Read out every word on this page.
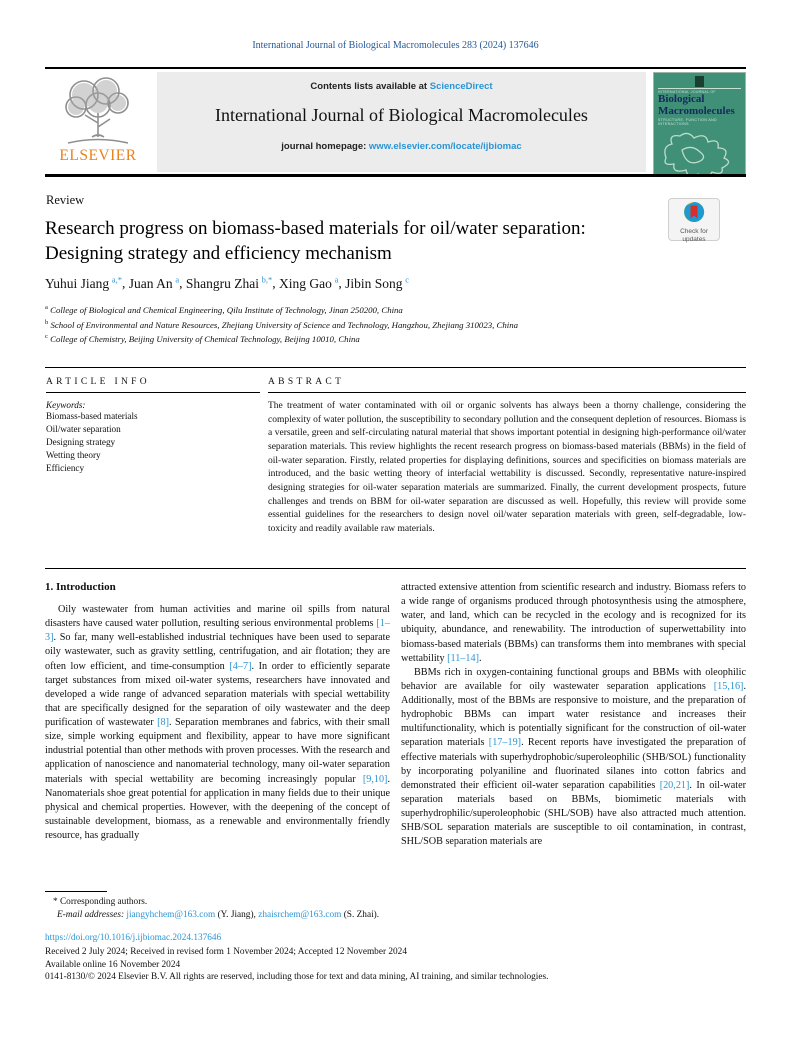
International Journal of Biological Macromolecules 283 (2024) 137646
ELSEVIER
Contents lists available at ScienceDirect
International Journal of Biological Macromolecules
journal homepage: www.elsevier.com/locate/ijbiomac
INTERNATIONAL JOURNAL OF
Biological
Macromolecules
STRUCTURE, FUNCTION AND INTERACTIONS
Review
Research progress on biomass-based materials for oil/water separation: Designing strategy and efficiency mechanism
Check for
updates
Yuhui Jiang  $^{a,*}$, Juan An  $^a$, Shangru Zhai  $^{b,*}$, Xing Gao  $^a$, Jibin Song  $^c$
$^a$ College of Biological and Chemical Engineering, Qilu Institute of Technology, Jinan 250200, China
$^b$ School of Environmental and Nature Resources, Zhejiang University of Science and Technology, Hangzhou, Zhejiang 310023, China
$^c$ College of Chemistry, Beijing University of Chemical Technology, Beijing 10010, China
ARTICLE INFO
Keywords:
Biomass-based materials
Oil/water separation
Designing strategy
Wetting theory
Efficiency
ABSTRACT
The treatment of water contaminated with oil or organic solvents has always been a thorny challenge, considering the complexity of water pollution, the susceptibility to secondary pollution and the consequent depletion of resources. Biomass is a versatile, green and self-circulating natural material that shows important potential in designing high-performance oil/water separation materials. This review highlights the recent research progress on biomass-based materials (BBMs) in the field of oil-water separation. Firstly, related properties for displaying definitions, sources and specificities on biomass materials are introduced, and the basic wetting theory of interfacial wettability is discussed. Secondly, representative nature-inspired designing strategies for oil-water separation materials are summarized. Finally, the current development prospects, future challenges and trends on BBM for oil-water separation are discussed as well. Hopefully, this review will provide some essential guidelines for the researchers to design novel oil/water separation materials with green, self-degradable, low-toxicity and readily available raw materials.
1. Introduction

Oily wastewater from human activities and marine oil spills from natural disasters have caused water pollution, resulting serious environmental problems [1–3]. So far, many well-established industrial techniques have been used to separate oily wastewater, such as gravity settling, centrifugation, and air flotation; they are often low efficient, and time-consumption [4–7]. In order to efficiently separate target substances from mixed oil-water systems, researchers have innovated and developed a wide range of advanced separation materials with special wettability that are specifically designed for the separation of oily wastewater and the deep purification of wastewater [8]. Separation membranes and fabrics, with their small size, simple working equipment and flexibility, appear to have more significant industrial potential than other methods with proven processes. With the research and application of nanoscience and nanomaterial technology, many oil-water separation materials with special wettability are becoming increasingly popular [9,10]. Nanomaterials shoe great potential for application in many fields due to their unique physical and chemical properties. However, with the deepening of the concept of sustainable development, biomass, as a renewable and environmentally friendly resource, has gradually

attracted extensive attention from scientific research and industry. Biomass refers to a wide range of organisms produced through photosynthesis using the atmosphere, water, and land, which can be recycled in the ecology and is recognized for its ubiquity, abundance, and renewability. The introduction of superwettability into biomass-based materials (BBMs) can transforms them into membranes with special wettability [11–14].

BBMs rich in oxygen-containing functional groups and BBMs with oleophilic behavior are available for oily wastewater separation applications [15,16]. Additionally, most of the BBMs are responsive to moisture, and the preparation of hydrophobic BBMs can impart water resistance and increases their multifunctionality, which is potentially significant for the construction of oil-water separation materials [17–19]. Recent reports have investigated the preparation of effective materials with superhydrophobic/superoleophilic (SHB/SOL) functionality by incorporating polyaniline and fluorinated silanes into cotton fabrics and demonstrated their efficient oil-water separation capabilities [20,21]. In oil-water separation materials based on BBMs, biomimetic materials with superhydrophilic/superoleophobic (SHL/SOB) have also attracted much attention. SHB/SOL separation materials are susceptible to oil contamination, in contrast, SHL/SOB separation materials are

* Corresponding authors.
E-mail addresses: jiangyhchem@163.com (Y. Jiang), zhaisrchem@163.com (S. Zhai).
https://doi.org/10.1016/j.ijbiomac.2024.137646
Received 2 July 2024; Received in revised form 1 November 2024; Accepted 12 November 2024
Available online 16 November 2024
0141-8130/© 2024 Elsevier B.V. All rights are reserved, including those for text and data mining, AI training, and similar technologies.
